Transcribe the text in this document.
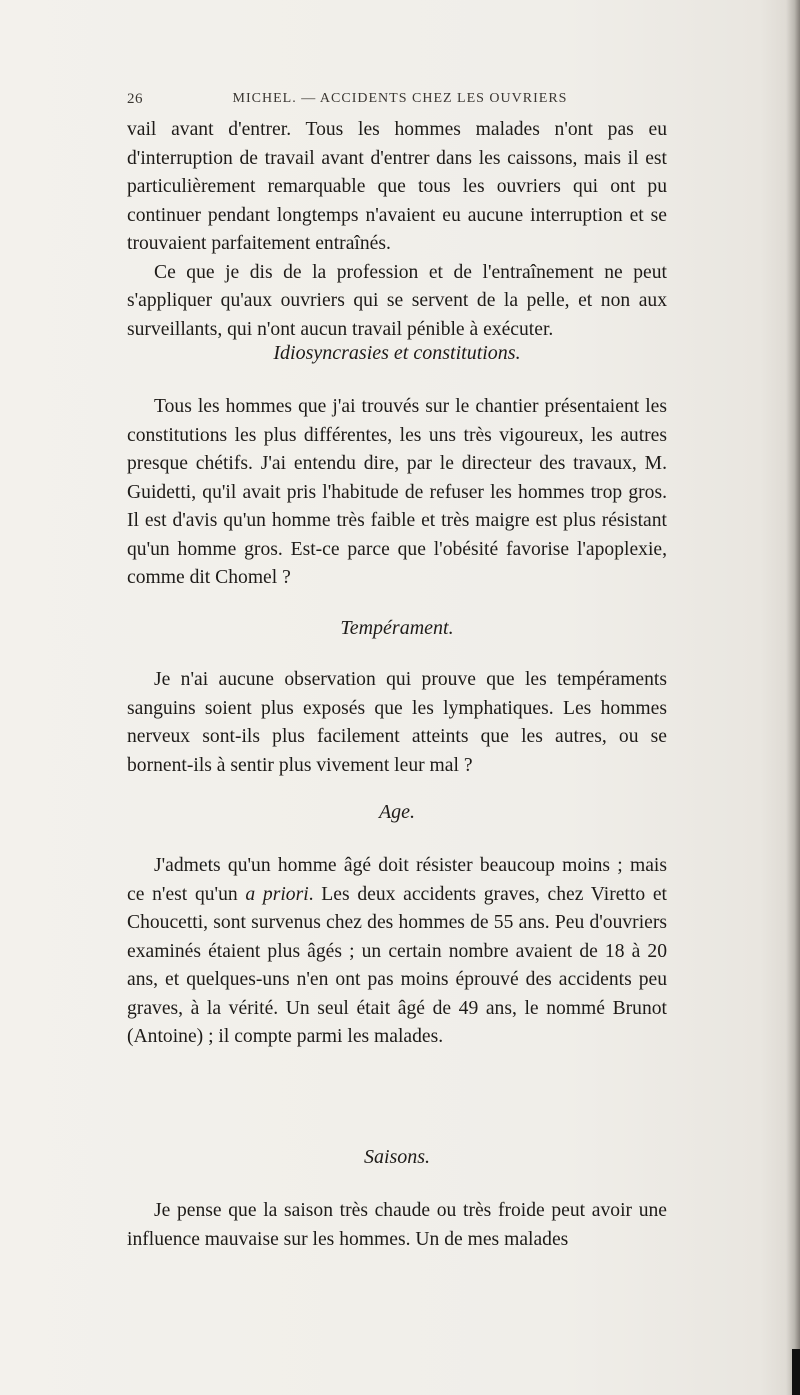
26	MICHEL. — ACCIDENTS CHEZ LES OUVRIERS

vail avant d'entrer. Tous les hommes malades n'ont pas eu d'interruption de travail avant d'entrer dans les caissons, mais il est particulièrement remarquable que tous les ouvriers qui ont pu continuer pendant longtemps n'avaient eu aucune interruption et se trouvaient parfaitement entraînés.

Ce que je dis de la profession et de l'entraînement ne peut s'appliquer qu'aux ouvriers qui se servent de la pelle, et non aux surveillants, qui n'ont aucun travail pénible à exécuter.

Idiosyncrasies et constitutions.

Tous les hommes que j'ai trouvés sur le chantier présentaient les constitutions les plus différentes, les uns très vigoureux, les autres presque chétifs. J'ai entendu dire, par le directeur des travaux, M. Guidetti, qu'il avait pris l'habitude de refuser les hommes trop gros. Il est d'avis qu'un homme très faible et très maigre est plus résistant qu'un homme gros. Est-ce parce que l'obésité favorise l'apoplexie, comme dit Chomel ?

Tempérament.

Je n'ai aucune observation qui prouve que les tempéraments sanguins soient plus exposés que les lymphatiques. Les hommes nerveux sont-ils plus facilement atteints que les autres, ou se bornent-ils à sentir plus vivement leur mal ?

Age.

J'admets qu'un homme âgé doit résister beaucoup moins ; mais ce n'est qu'un a priori. Les deux accidents graves, chez Viretto et Choucetti, sont survenus chez des hommes de 55 ans. Peu d'ouvriers examinés étaient plus âgés ; un certain nombre avaient de 18 à 20 ans, et quelques-uns n'en ont pas moins éprouvé des accidents peu graves, à la vérité. Un seul était âgé de 49 ans, le nommé Brunot (Antoine) ; il compte parmi les malades.

Saisons.

Je pense que la saison très chaude ou très froide peut avoir une influence mauvaise sur les hommes. Un de mes malades
